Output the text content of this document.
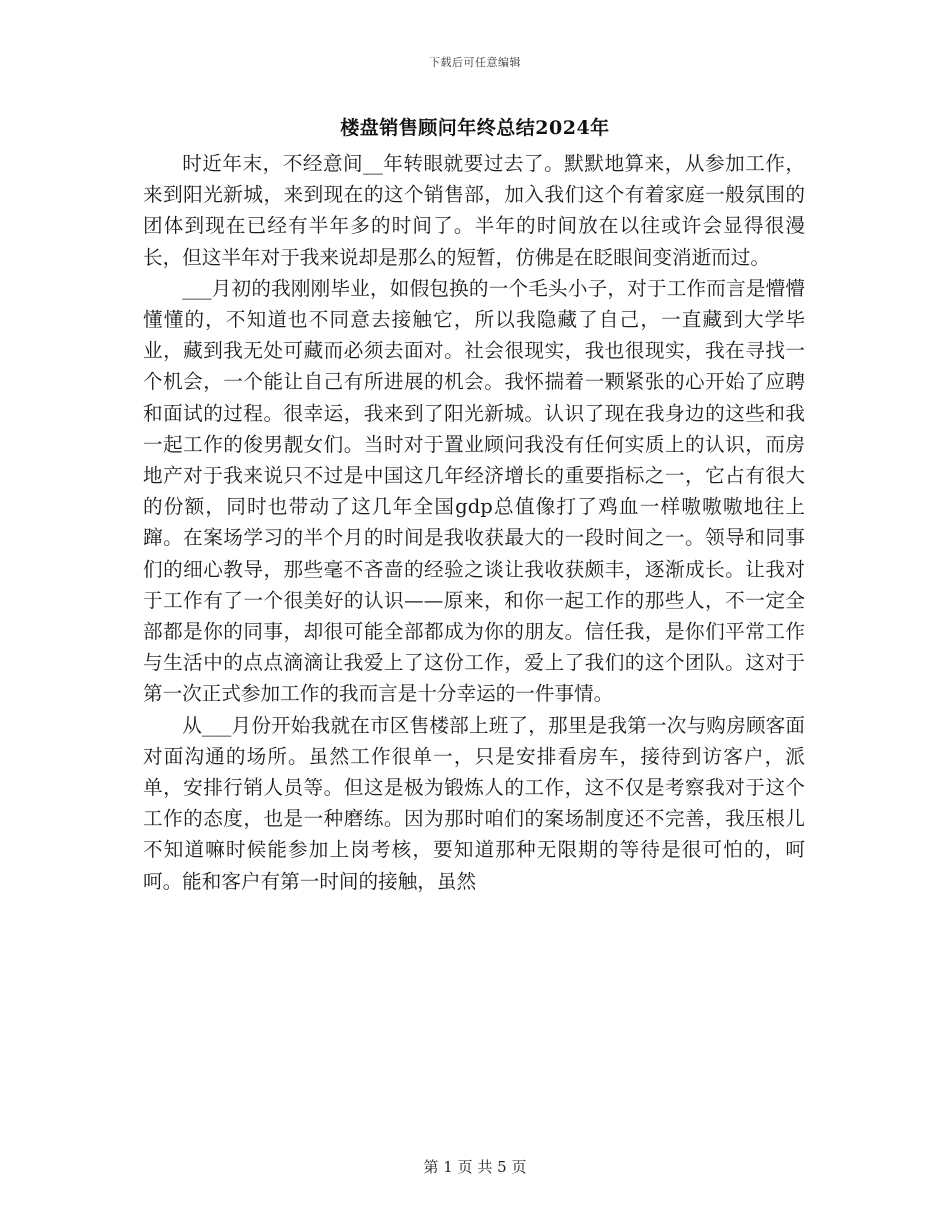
下载后可任意编辑
楼盘销售顾问年终总结2024年

时近年末，不经意间__年转眼就要过去了。默默地算来，从参加工作，来到阳光新城，来到现在的这个销售部，加入我们这个有着家庭一般氛围的团体到现在已经有半年多的时间了。半年的时间放在以往或许会显得很漫长，但这半年对于我来说却是那么的短暂，仿佛是在眨眼间变消逝而过。

___月初的我刚刚毕业，如假包换的一个毛头小子，对于工作而言是懵懵懂懂的，不知道也不同意去接触它，所以我隐藏了自己，一直藏到大学毕业，藏到我无处可藏而必须去面对。社会很现实，我也很现实，我在寻找一个机会，一个能让自己有所进展的机会。我怀揣着一颗紧张的心开始了应聘和面试的过程。很幸运，我来到了阳光新城。认识了现在我身边的这些和我一起工作的俊男靓女们。当时对于置业顾问我没有任何实质上的认识，而房地产对于我来说只不过是中国这几年经济增长的重要指标之一，它占有很大的份额，同时也带动了这几年全国gdp总值像打了鸡血一样嗷嗷嗷地往上蹿。在案场学习的半个月的时间是我收获最大的一段时间之一。领导和同事们的细心教导，那些毫不吝啬的经验之谈让我收获颇丰，逐渐成长。让我对于工作有了一个很美好的认识——原来，和你一起工作的那些人，不一定全部都是你的同事，却很可能全部都成为你的朋友。信任我，是你们平常工作与生活中的点点滴滴让我爱上了这份工作，爱上了我们的这个团队。这对于第一次正式参加工作的我而言是十分幸运的一件事情。

从___月份开始我就在市区售楼部上班了，那里是我第一次与购房顾客面对面沟通的场所。虽然工作很单一，只是安排看房车，接待到访客户，派单，安排行销人员等。但这是极为锻炼人的工作，这不仅是考察我对于这个工作的态度，也是一种磨练。因为那时咱们的案场制度还不完善，我压根儿不知道嘛时候能参加上岗考核，要知道那种无限期的等待是很可怕的，呵呵。能和客户有第一时间的接触，虽然

第 1 页 共 5 页
